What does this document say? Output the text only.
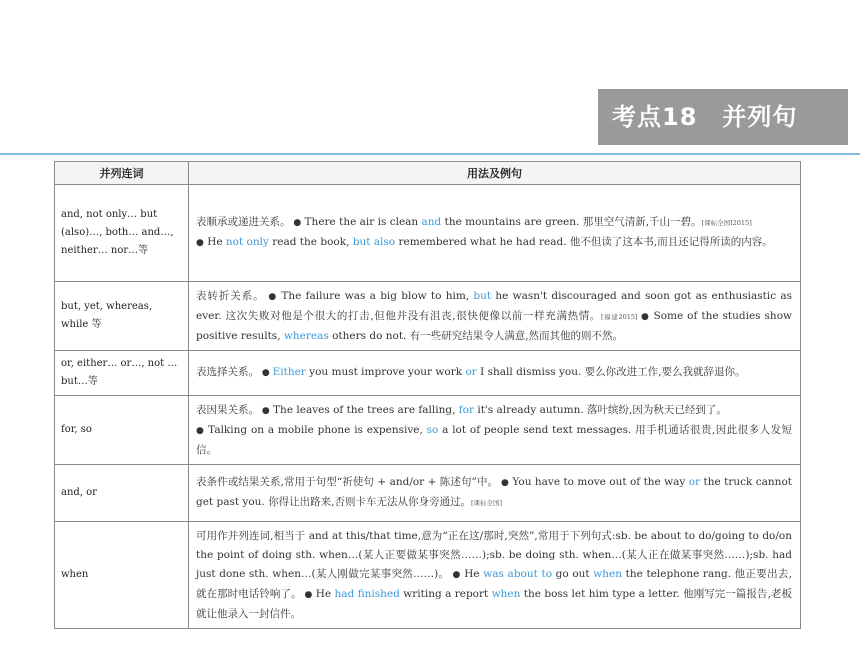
考点18　并列句
并列连词	用法及例句
and, not only… but (also)…, both… and…, neither… nor…等	表顺承或递进关系。 ● There the air is clean and the mountains are green. 那里空气清新,千山一碧。[课标全国Ⅰ2015]
● He not only read the book, but also remembered what he had read. 他不但读了这本书,而且还记得所读的内容。

but, yet, whereas, while 等	表转折关系。 ● The failure was a big blow to him, but he wasn't discouraged and soon got as enthusiastic as ever. 这次失败对他是个很大的打击,但他并没有沮丧,很快便像以前一样充满热情。[福建2015] ● Some of the studies show positive results, whereas others do not. 有一些研究结果令人满意,然而其他的则不然。
or, either… or…, not … but…等	表选择关系。 ● Either you must improve your work or I shall dismiss you. 要么你改进工作,要么我就辞退你。
for, so	表因果关系。 ● The leaves of the trees are falling, for it's already autumn. 落叶缤纷,因为秋天已经到了。
● Talking on a mobile phone is expensive, so a lot of people send text messages. 用手机通话很贵,因此很多人发短信。

and, or	表条件或结果关系,常用于句型“祈使句 + and/or + 陈述句”中。 ● You have to move out of the way or the truck cannot get past you. 你得让出路来,否则卡车无法从你身旁通过。[课标全国]
when	可用作并列连词,相当于 and at this/that time,意为“正在这/那时,突然”,常用于下列句式:sb. be about to do/going to do/on the point of doing sth. when…(某人正要做某事突然……);sb. be doing sth. when…(某人正在做某事突然……);sb. had just done sth. when…(某人刚做完某事突然……)。 ● He was about to go out when the telephone rang. 他正要出去,就在那时电话铃响了。 ● He had finished writing a report when the boss let him type a letter. 他刚写完一篇报告,老板就让他录入一封信件。
